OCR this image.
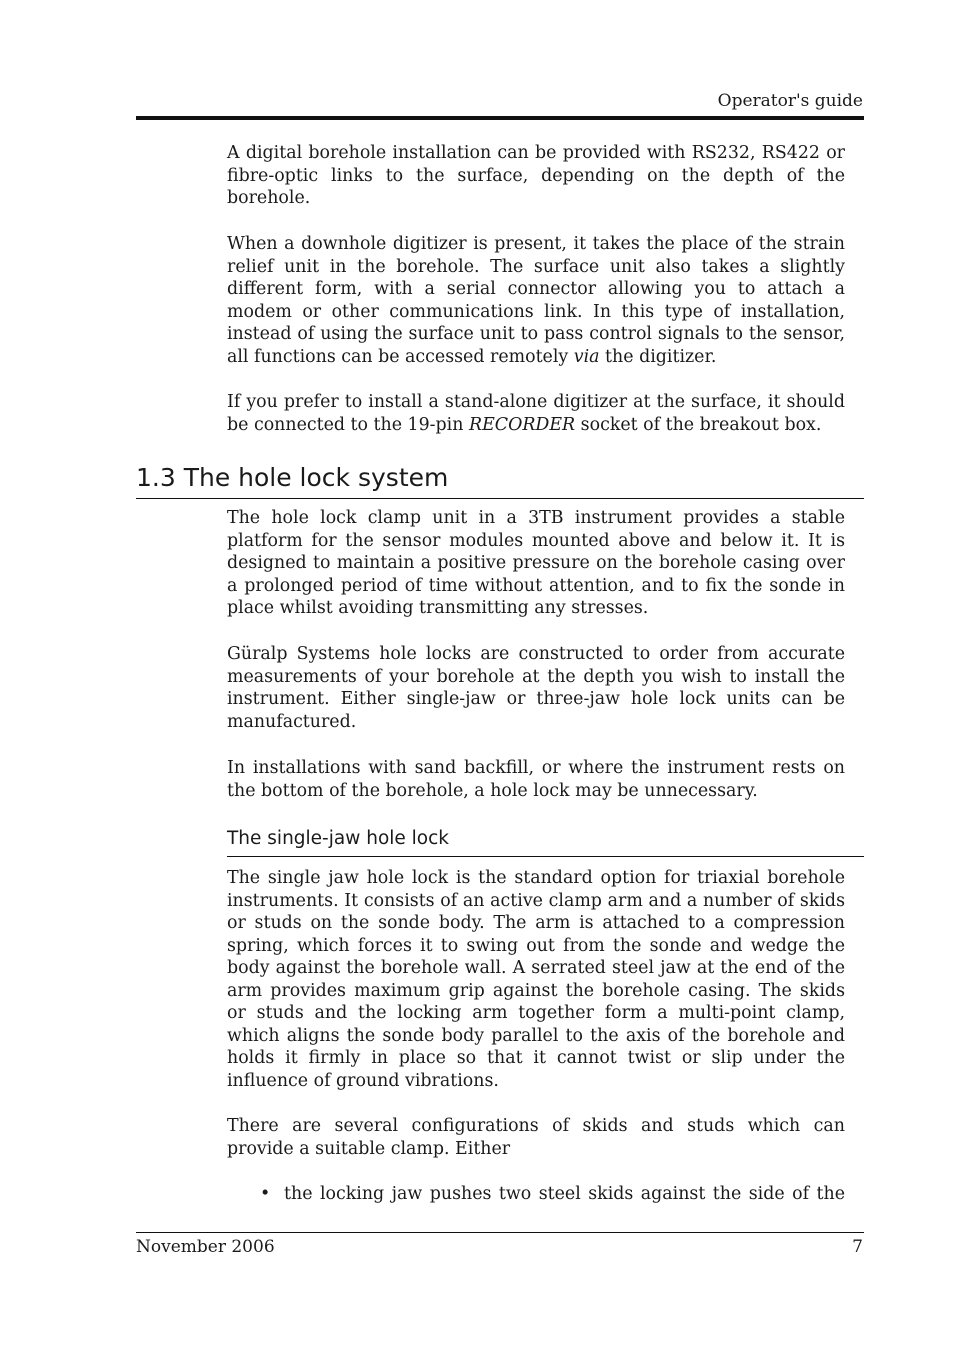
Operator's guide

A digital borehole installation can be provided with RS232, RS422 or fibre-optic links to the surface, depending on the depth of the borehole.

When a downhole digitizer is present, it takes the place of the strain relief unit in the borehole. The surface unit also takes a slightly different form, with a serial connector allowing you to attach a modem or other communications link. In this type of installation, instead of using the surface unit to pass control signals to the sensor, all functions can be accessed remotely via the digitizer.

If you prefer to install a stand-alone digitizer at the surface, it should be connected to the 19-pin RECORDER socket of the breakout box.

1.3 The hole lock system

The hole lock clamp unit in a 3TB instrument provides a stable platform for the sensor modules mounted above and below it. It is designed to maintain a positive pressure on the borehole casing over a prolonged period of time without attention, and to fix the sonde in place whilst avoiding transmitting any stresses.

Güralp Systems hole locks are constructed to order from accurate measurements of your borehole at the depth you wish to install the instrument. Either single-jaw or three-jaw hole lock units can be manufactured.

In installations with sand backfill, or where the instrument rests on the bottom of the borehole, a hole lock may be unnecessary.

The single-jaw hole lock

The single jaw hole lock is the standard option for triaxial borehole instruments. It consists of an active clamp arm and a number of skids or studs on the sonde body. The arm is attached to a compression spring, which forces it to swing out from the sonde and wedge the body against the borehole wall. A serrated steel jaw at the end of the arm provides maximum grip against the borehole casing. The skids or studs and the locking arm together form a multi-point clamp, which aligns the sonde body parallel to the axis of the borehole and holds it firmly in place so that it cannot twist or slip under the influence of ground vibrations.

There are several configurations of skids and studs which can provide a suitable clamp. Either

• the locking jaw pushes two steel skids against the side of the

November 2006	7
